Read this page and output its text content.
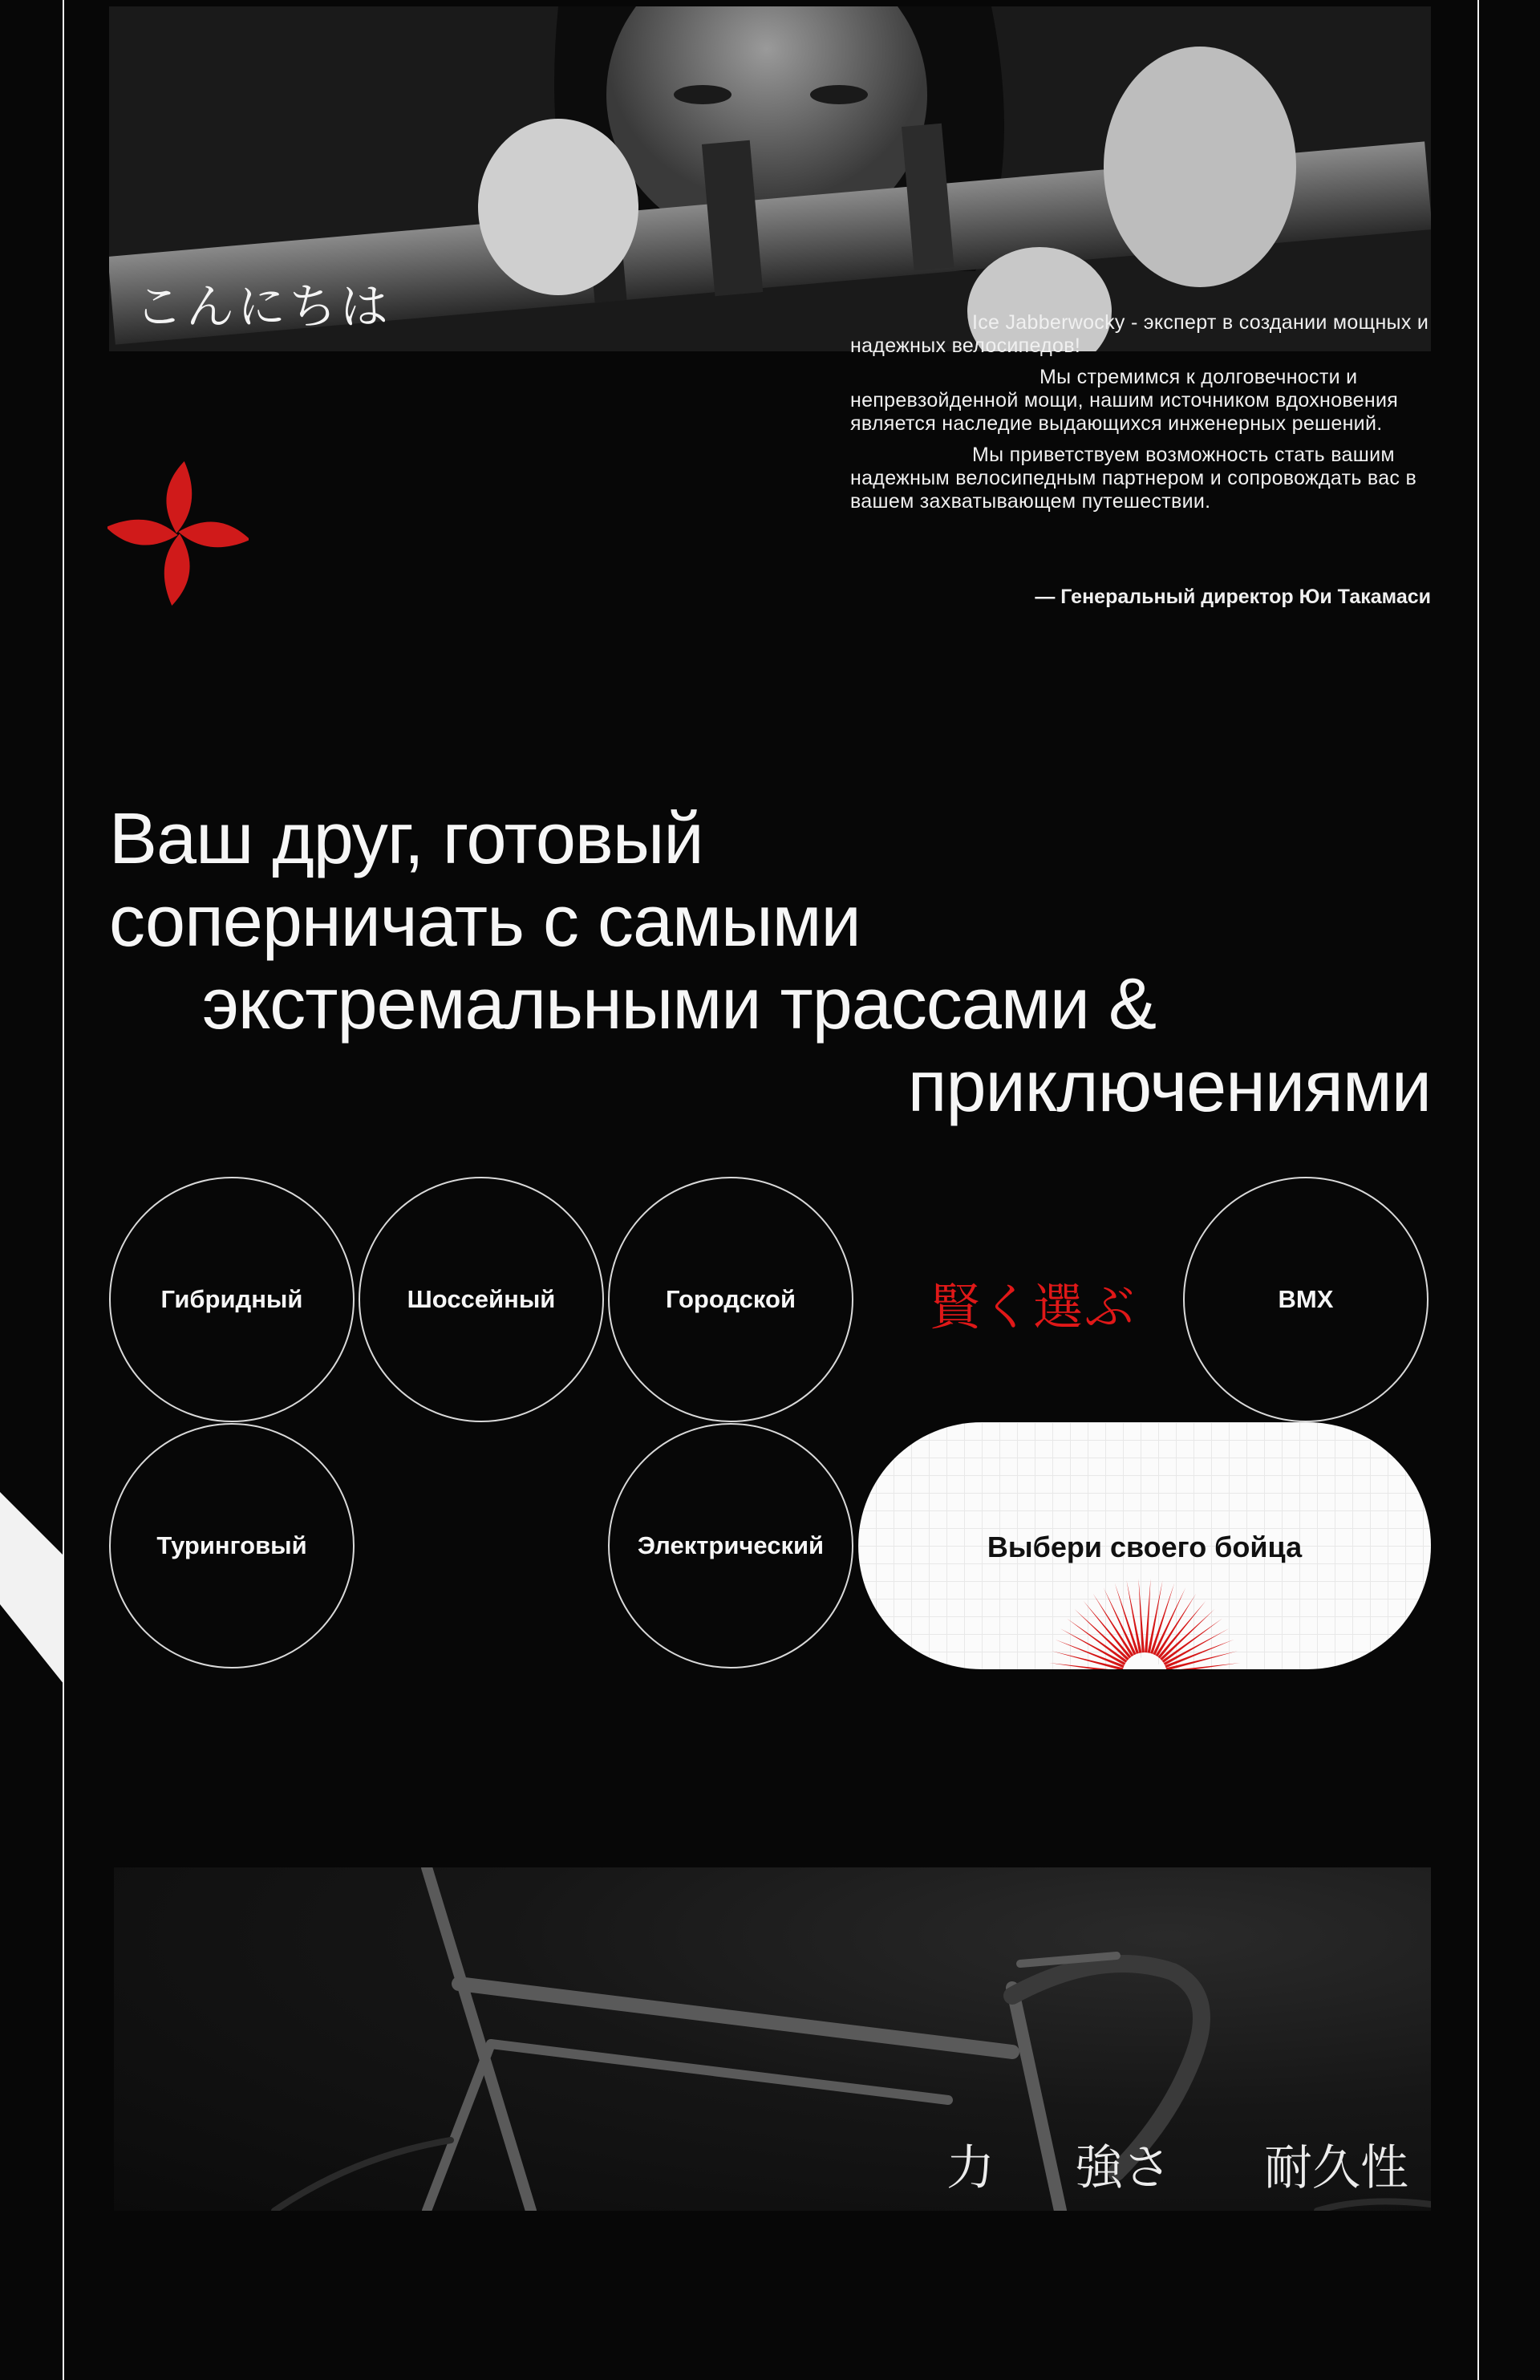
こんにちは	Ice Jabberwocky - эксперт в создании мощных и надежных велосипедов!

Мы стремимся к долговечности и непревзойденной мощи, нашим источником вдохновения является наследие выдающихся инженерных решений.

Мы приветствуем возможность стать вашим надежным велосипедным партнером и сопровождать вас в вашем захватывающем путешествии.

— Генеральный директор Юи Такамаси
Ваш друг, готовый
соперничать с самыми
экстремальными трассами &
приключениями
Гибридный	Шоссейный	Городской	賢く選ぶ	BMX
Туринговый	Электрический	Выбери своего бойца
力 強さ 耐久性
